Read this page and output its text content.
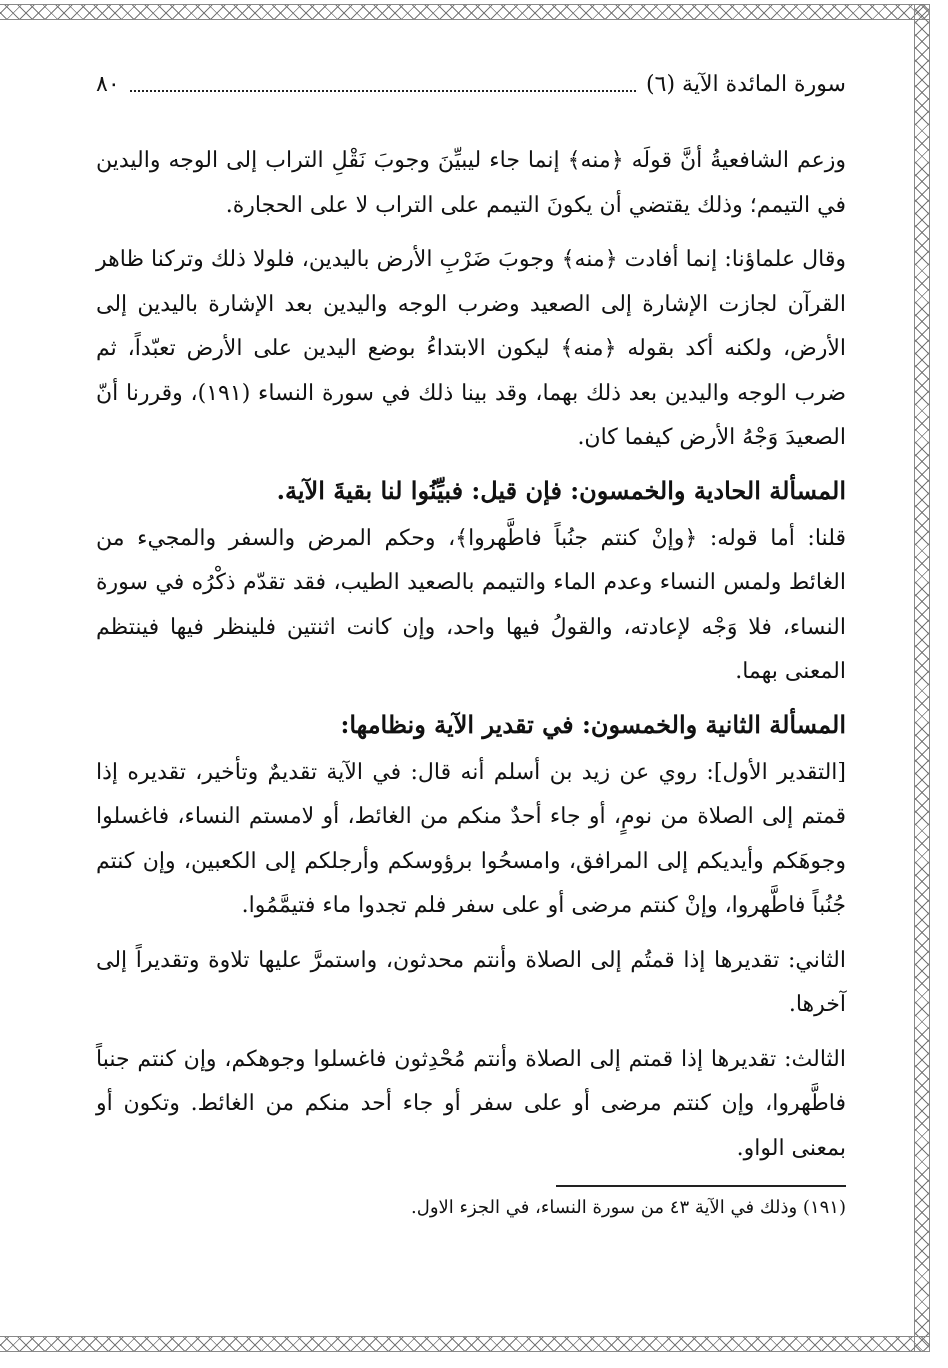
سورة المائدة الآية (٦)
٨٠

وزعم الشافعيةُ أنَّ قولَه ﴿منه﴾ إنما جاء ليبيِّنَ وجوبَ نَقْلِ التراب إلى الوجه واليدين في التيمم؛ وذلك يقتضي أن يكونَ التيمم على التراب لا على الحجارة.

وقال علماؤنا: إنما أفادت ﴿منه﴾ وجوبَ ضَرْبِ الأرض باليدين، فلولا ذلك وتركنا ظاهر القرآن لجازت الإشارة إلى الصعيد وضرب الوجه واليدين بعد الإشارة باليدين إلى الأرض، ولكنه أكد بقوله ﴿منه﴾ ليكون الابتداءُ بوضع اليدين على الأرض تعبّداً، ثم ضرب الوجه واليدين بعد ذلك بهما، وقد بينا ذلك في سورة النساء (١٩١)، وقررنا أنّ الصعيدَ وَجْهُ الأرض كيفما كان.

المسألة الحادية والخمسون: فإن قيل: فبيِّنُوا لنا بقيةَ الآية.

قلنا: أما قوله: ﴿وإنْ كنتم جنُباً فاطَّهروا﴾، وحكم المرض والسفر والمجيء من الغائط ولمس النساء وعدم الماء والتيمم بالصعيد الطيب، فقد تقدّم ذكْرُه في سورة النساء، فلا وَجْه لإعادته، والقولُ فيها واحد، وإن كانت اثنتين فلينظر فيها فينتظم المعنى بهما.

المسألة الثانية والخمسون: في تقدير الآية ونظامها:

[التقدير الأول]: روي عن زيد بن أسلم أنه قال: في الآية تقديمٌ وتأخير، تقديره إذا قمتم إلى الصلاة من نومٍ، أو جاء أحدٌ منكم من الغائط، أو لامستم النساء، فاغسلوا وجوهَكم وأيديكم إلى المرافق، وامسحُوا برؤوسكم وأرجلكم إلى الكعبين، وإن كنتم جُنُباً فاطَّهروا، وإنْ كنتم مرضى أو على سفر فلم تجدوا ماء فتيمَّمُوا.

الثاني: تقديرها إذا قمتُم إلى الصلاة وأنتم محدثون، واستمرَّ عليها تلاوة وتقديراً إلى آخرها.

الثالث: تقديرها إذا قمتم إلى الصلاة وأنتم مُحْدِثون فاغسلوا وجوهكم، وإن كنتم جنباً فاطَّهروا، وإن كنتم مرضى أو على سفر أو جاء أحد منكم من الغائط. وتكون أو بمعنى الواو.

(١٩١) وذلك في الآية ٤٣ من سورة النساء، في الجزء الاول.
